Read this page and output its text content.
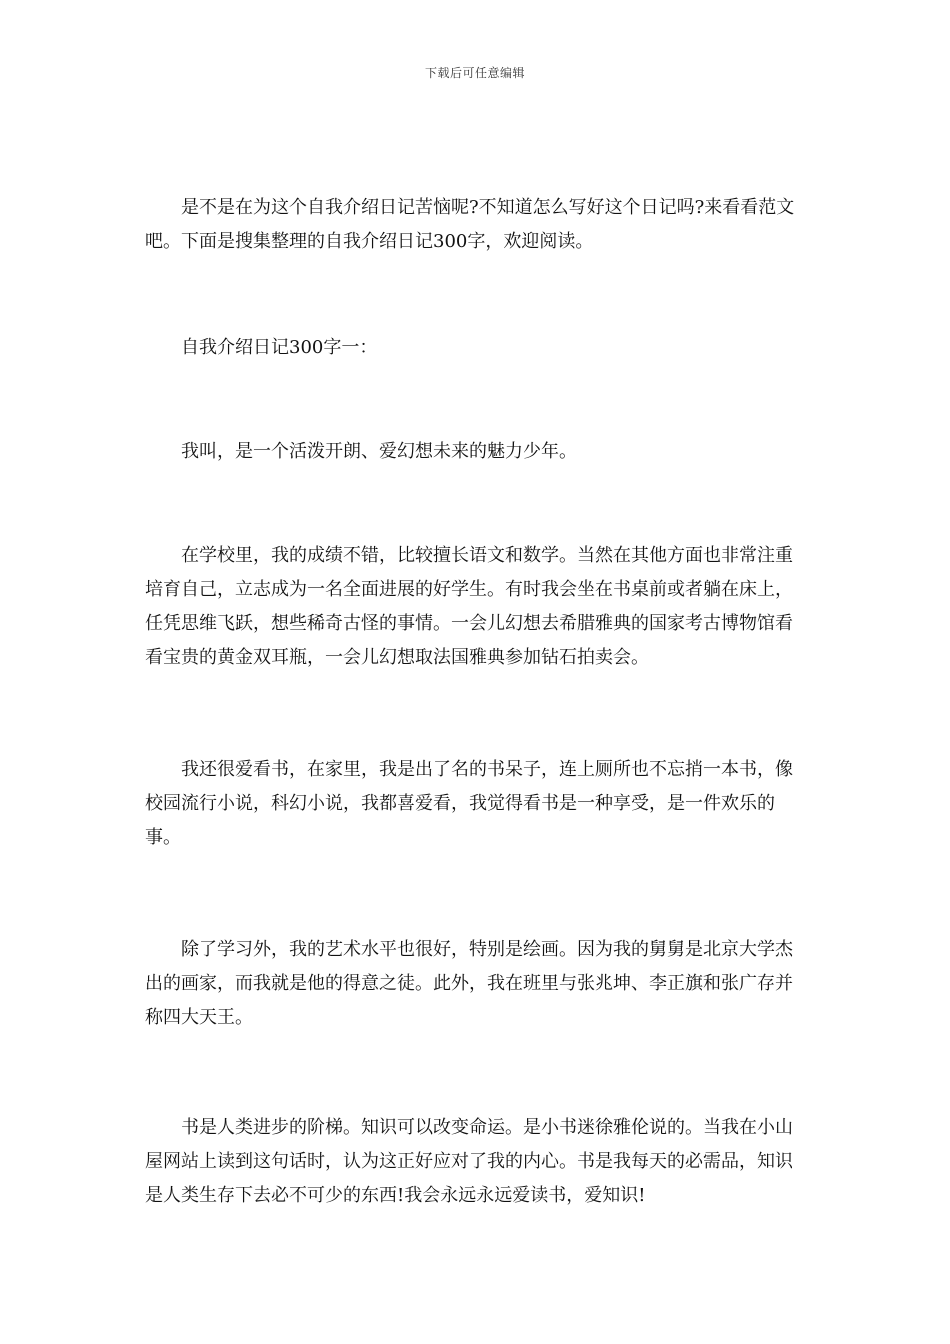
下载后可任意编辑

是不是在为这个自我介绍日记苦恼呢?不知道怎么写好这个日记吗?来看看范文吧。下面是搜集整理的自我介绍日记300字，欢迎阅读。

自我介绍日记300字一：

我叫，是一个活泼开朗、爱幻想未来的魅力少年。

在学校里，我的成绩不错，比较擅长语文和数学。当然在其他方面也非常注重培育自己，立志成为一名全面进展的好学生。有时我会坐在书桌前或者躺在床上，任凭思维飞跃，想些稀奇古怪的事情。一会儿幻想去希腊雅典的国家考古博物馆看看宝贵的黄金双耳瓶，一会儿幻想取法国雅典参加钻石拍卖会。

我还很爱看书，在家里，我是出了名的书呆子，连上厕所也不忘捎一本书，像校园流行小说，科幻小说，我都喜爱看，我觉得看书是一种享受，是一件欢乐的事。

除了学习外，我的艺术水平也很好，特别是绘画。因为我的舅舅是北京大学杰出的画家，而我就是他的得意之徒。此外，我在班里与张兆坤、李正旗和张广存并称四大天王。

书是人类进步的阶梯。知识可以改变命运。是小书迷徐雅伦说的。当我在小山屋网站上读到这句话时，认为这正好应对了我的内心。书是我每天的必需品，知识是人类生存下去必不可少的东西!我会永远永远爱读书，爱知识!
